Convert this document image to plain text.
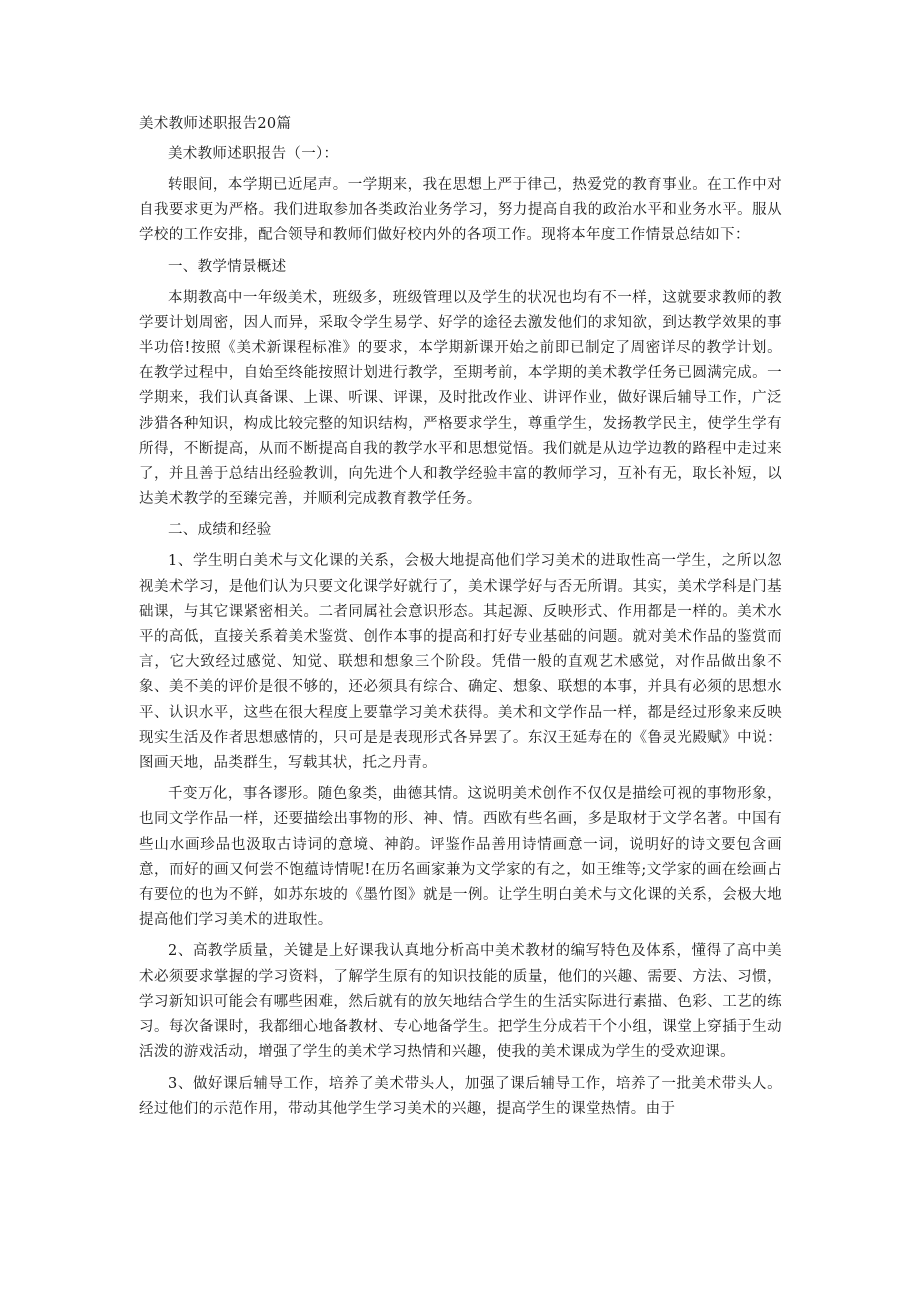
美术教师述职报告20篇
美术教师述职报告（一）：

转眼间，本学期已近尾声。一学期来，我在思想上严于律己，热爱党的教育事业。在工作中对自我要求更为严格。我们进取参加各类政治业务学习，努力提高自我的政治水平和业务水平。服从学校的工作安排，配合领导和教师们做好校内外的各项工作。现将本年度工作情景总结如下：

一、教学情景概述

本期教高中一年级美术，班级多，班级管理以及学生的状况也均有不一样，这就要求教师的教学要计划周密，因人而异，采取令学生易学、好学的途径去激发他们的求知欲，到达教学效果的事半功倍!按照《美术新课程标准》的要求，本学期新课开始之前即已制定了周密详尽的教学计划。在教学过程中，自始至终能按照计划进行教学，至期考前，本学期的美术教学任务已圆满完成。一学期来，我们认真备课、上课、听课、评课，及时批改作业、讲评作业，做好课后辅导工作，广泛涉猎各种知识，构成比较完整的知识结构，严格要求学生，尊重学生，发扬教学民主，使学生学有所得，不断提高，从而不断提高自我的教学水平和思想觉悟。我们就是从边学边教的路程中走过来了，并且善于总结出经验教训，向先进个人和教学经验丰富的教师学习，互补有无，取长补短，以达美术教学的至臻完善，并顺利完成教育教学任务。

二、成绩和经验

1、学生明白美术与文化课的关系，会极大地提高他们学习美术的进取性高一学生，之所以忽视美术学习，是他们认为只要文化课学好就行了，美术课学好与否无所谓。其实，美术学科是门基础课，与其它课紧密相关。二者同属社会意识形态。其起源、反映形式、作用都是一样的。美术水平的高低，直接关系着美术鉴赏、创作本事的提高和打好专业基础的问题。就对美术作品的鉴赏而言，它大致经过感觉、知觉、联想和想象三个阶段。凭借一般的直观艺术感觉，对作品做出象不象、美不美的评价是很不够的，还必须具有综合、确定、想象、联想的本事，并具有必须的思想水平、认识水平，这些在很大程度上要靠学习美术获得。美术和文学作品一样，都是经过形象来反映现实生活及作者思想感情的，只可是是表现形式各异罢了。东汉王延寿在的《鲁灵光殿赋》中说：图画天地，品类群生，写载其状，托之丹青。

千变万化，事各谬形。随色象类，曲德其情。这说明美术创作不仅仅是描绘可视的事物形象，也同文学作品一样，还要描绘出事物的形、神、情。西欧有些名画，多是取材于文学名著。中国有些山水画珍品也汲取古诗词的意境、神韵。评鉴作品善用诗情画意一词，说明好的诗文要包含画意，而好的画又何尝不饱蕴诗情呢!在历名画家兼为文学家的有之，如王维等;文学家的画在绘画占有要位的也为不鲜，如苏东坡的《墨竹图》就是一例。让学生明白美术与文化课的关系，会极大地提高他们学习美术的进取性。

2、高教学质量，关键是上好课我认真地分析高中美术教材的编写特色及体系，懂得了高中美术必须要求掌握的学习资料，了解学生原有的知识技能的质量，他们的兴趣、需要、方法、习惯，学习新知识可能会有哪些困难，然后就有的放矢地结合学生的生活实际进行素描、色彩、工艺的练习。每次备课时，我都细心地备教材、专心地备学生。把学生分成若干个小组，课堂上穿插于生动活泼的游戏活动，增强了学生的美术学习热情和兴趣，使我的美术课成为学生的受欢迎课。

3、做好课后辅导工作，培养了美术带头人，加强了课后辅导工作，培养了一批美术带头人。经过他们的示范作用，带动其他学生学习美术的兴趣，提高学生的课堂热情。由于
